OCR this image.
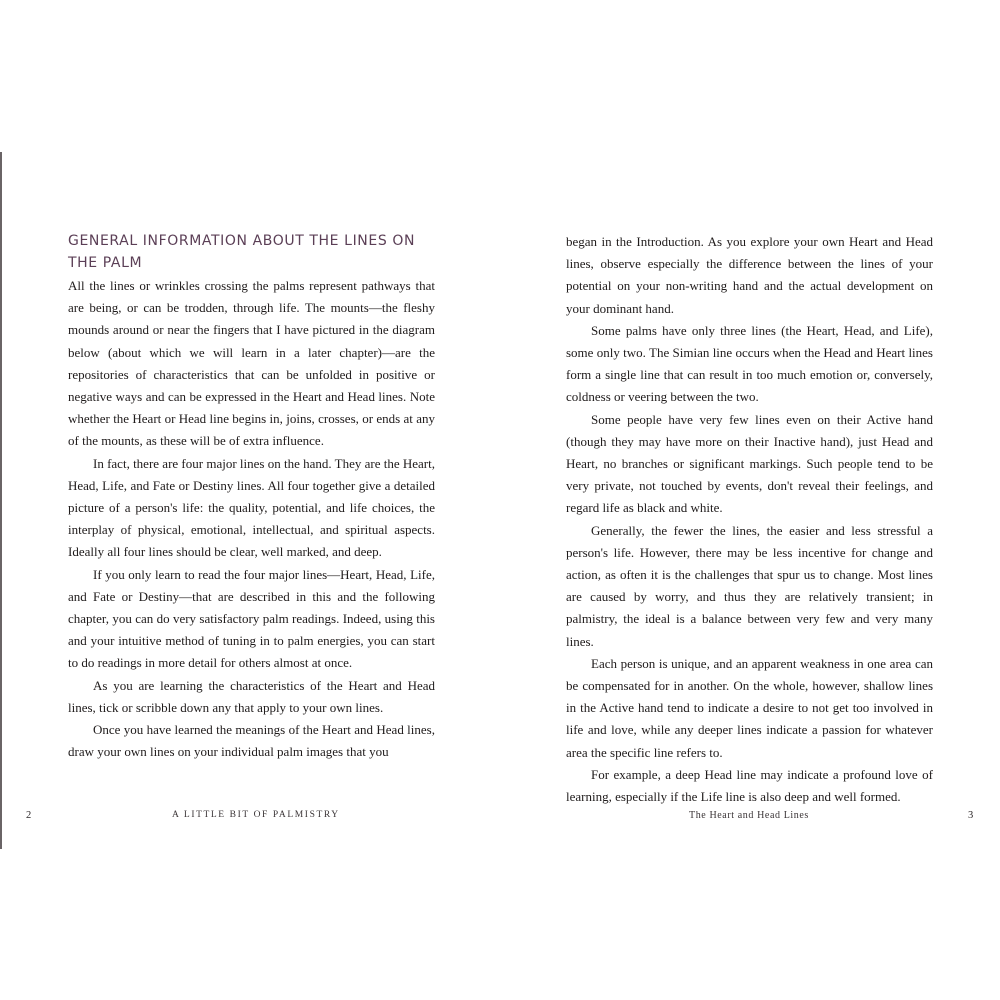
GENERAL INFORMATION ABOUT THE LINES ON THE PALM

All the lines or wrinkles crossing the palms represent pathways that are being, or can be trodden, through life. The mounts—the fleshy mounds around or near the fingers that I have pictured in the diagram below (about which we will learn in a later chapter)—are the repositories of characteristics that can be unfolded in positive or negative ways and can be expressed in the Heart and Head lines. Note whether the Heart or Head line begins in, joins, crosses, or ends at any of the mounts, as these will be of extra influence.

In fact, there are four major lines on the hand. They are the Heart, Head, Life, and Fate or Destiny lines. All four together give a detailed picture of a person's life: the quality, potential, and life choices, the interplay of physical, emotional, intellectual, and spiritual aspects. Ideally all four lines should be clear, well marked, and deep.

If you only learn to read the four major lines—Heart, Head, Life, and Fate or Destiny—that are described in this and the following chapter, you can do very satisfactory palm readings. Indeed, using this and your intuitive method of tuning in to palm energies, you can start to do readings in more detail for others almost at once.

As you are learning the characteristics of the Heart and Head lines, tick or scribble down any that apply to your own lines.

Once you have learned the meanings of the Heart and Head lines, draw your own lines on your individual palm images that you

2	A LITTLE BIT OF PALMISTRY

began in the Introduction. As you explore your own Heart and Head lines, observe especially the difference between the lines of your potential on your non-writing hand and the actual development on your dominant hand.

Some palms have only three lines (the Heart, Head, and Life), some only two. The Simian line occurs when the Head and Heart lines form a single line that can result in too much emotion or, conversely, coldness or veering between the two.

Some people have very few lines even on their Active hand (though they may have more on their Inactive hand), just Head and Heart, no branches or significant markings. Such people tend to be very private, not touched by events, don't reveal their feelings, and regard life as black and white.

Generally, the fewer the lines, the easier and less stressful a person's life. However, there may be less incentive for change and action, as often it is the challenges that spur us to change. Most lines are caused by worry, and thus they are relatively transient; in palmistry, the ideal is a balance between very few and very many lines.

Each person is unique, and an apparent weakness in one area can be compensated for in another. On the whole, however, shallow lines in the Active hand tend to indicate a desire to not get too involved in life and love, while any deeper lines indicate a passion for whatever area the specific line refers to.

For example, a deep Head line may indicate a profound love of learning, especially if the Life line is also deep and well formed.

The Heart and Head Lines	3
